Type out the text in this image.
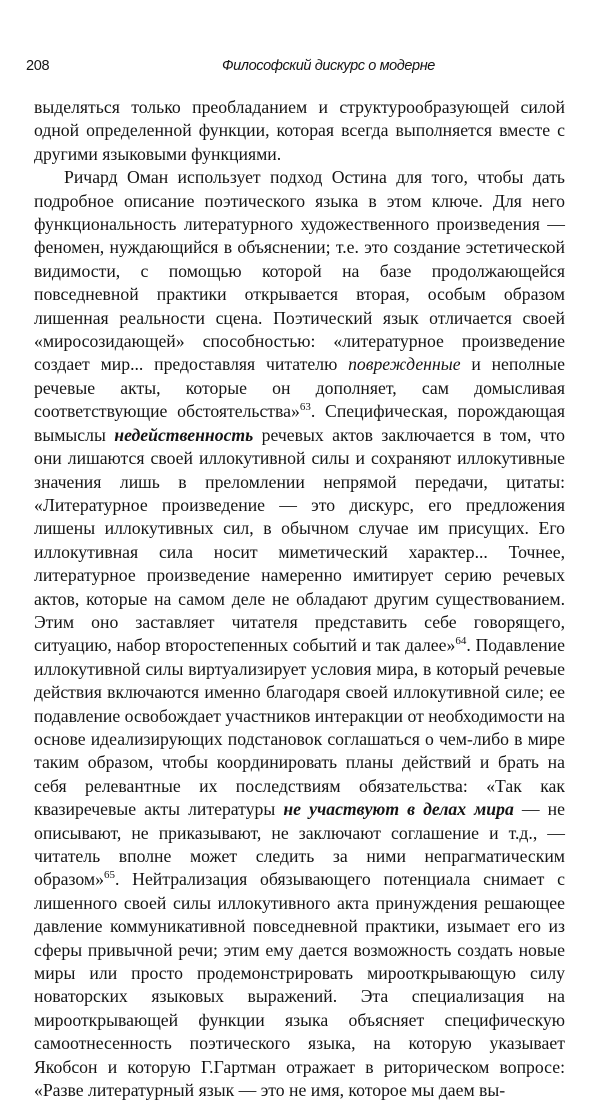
208	Философский дискурс о модерне

выделяться только преобладанием и структурообразующей силой одной определенной функции, которая всегда выполняется вместе с другими языковыми функциями.

Ричард Оман использует подход Остина для того, чтобы дать подробное описание поэтического языка в этом ключе. Для него функциональность литературного художественного произведения — феномен, нуждающийся в объяснении; т.е. это создание эстетической видимости, с помощью которой на базе продолжающейся повседневной практики открывается вторая, особым образом лишенная реальности сцена. Поэтический язык отличается своей «миросозидающей» способностью: «литературное произведение создает мир... предоставляя читателю поврежденные и неполные речевые акты, которые он дополняет, сам домысливая соответствующие обстоятельства»$^{63}$. Специфическая, порождающая вымыслы недейственность речевых актов заключается в том, что они лишаются своей иллокутивной силы и сохраняют иллокутивные значения лишь в преломлении непрямой передачи, цитаты: «Литературное произведение — это дискурс, его предложения лишены иллокутивных сил, в обычном случае им присущих. Его иллокутивная сила носит миметический характер... Точнее, литературное произведение намеренно имитирует серию речевых актов, которые на самом деле не обладают другим существованием. Этим оно заставляет читателя представить себе говорящего, ситуацию, набор второстепенных событий и так далее»$^{64}$. Подавление иллокутивной силы виртуализирует условия мира, в который речевые действия включаются именно благодаря своей иллокутивной силе; ее подавление освобождает участников интеракции от необходимости на основе идеализирующих подстановок соглашаться о чем-либо в мире таким образом, чтобы координировать планы действий и брать на себя релевантные их последствиям обязательства: «Так как квазиречевые акты литературы не участвуют в делах мира — не описывают, не приказывают, не заключают соглашение и т.д., — читатель вполне может следить за ними непрагматическим образом»$^{65}$. Нейтрализация обязывающего потенциала снимает с лишенного своей силы иллокутивного акта принуждения решающее давление коммуникативной повседневной практики, изымает его из сферы привычной речи; этим ему дается возможность создать новые миры или просто продемонстрировать мирооткрывающую силу новаторских языковых выражений. Эта специализация на мирооткрывающей функции языка объясняет специфическую самоотнесенность поэтического языка, на которую указывает Якобсон и которую Г.Гартман отражает в риторическом вопросе: «Разве литературный язык — это не имя, которое мы даем вы-
